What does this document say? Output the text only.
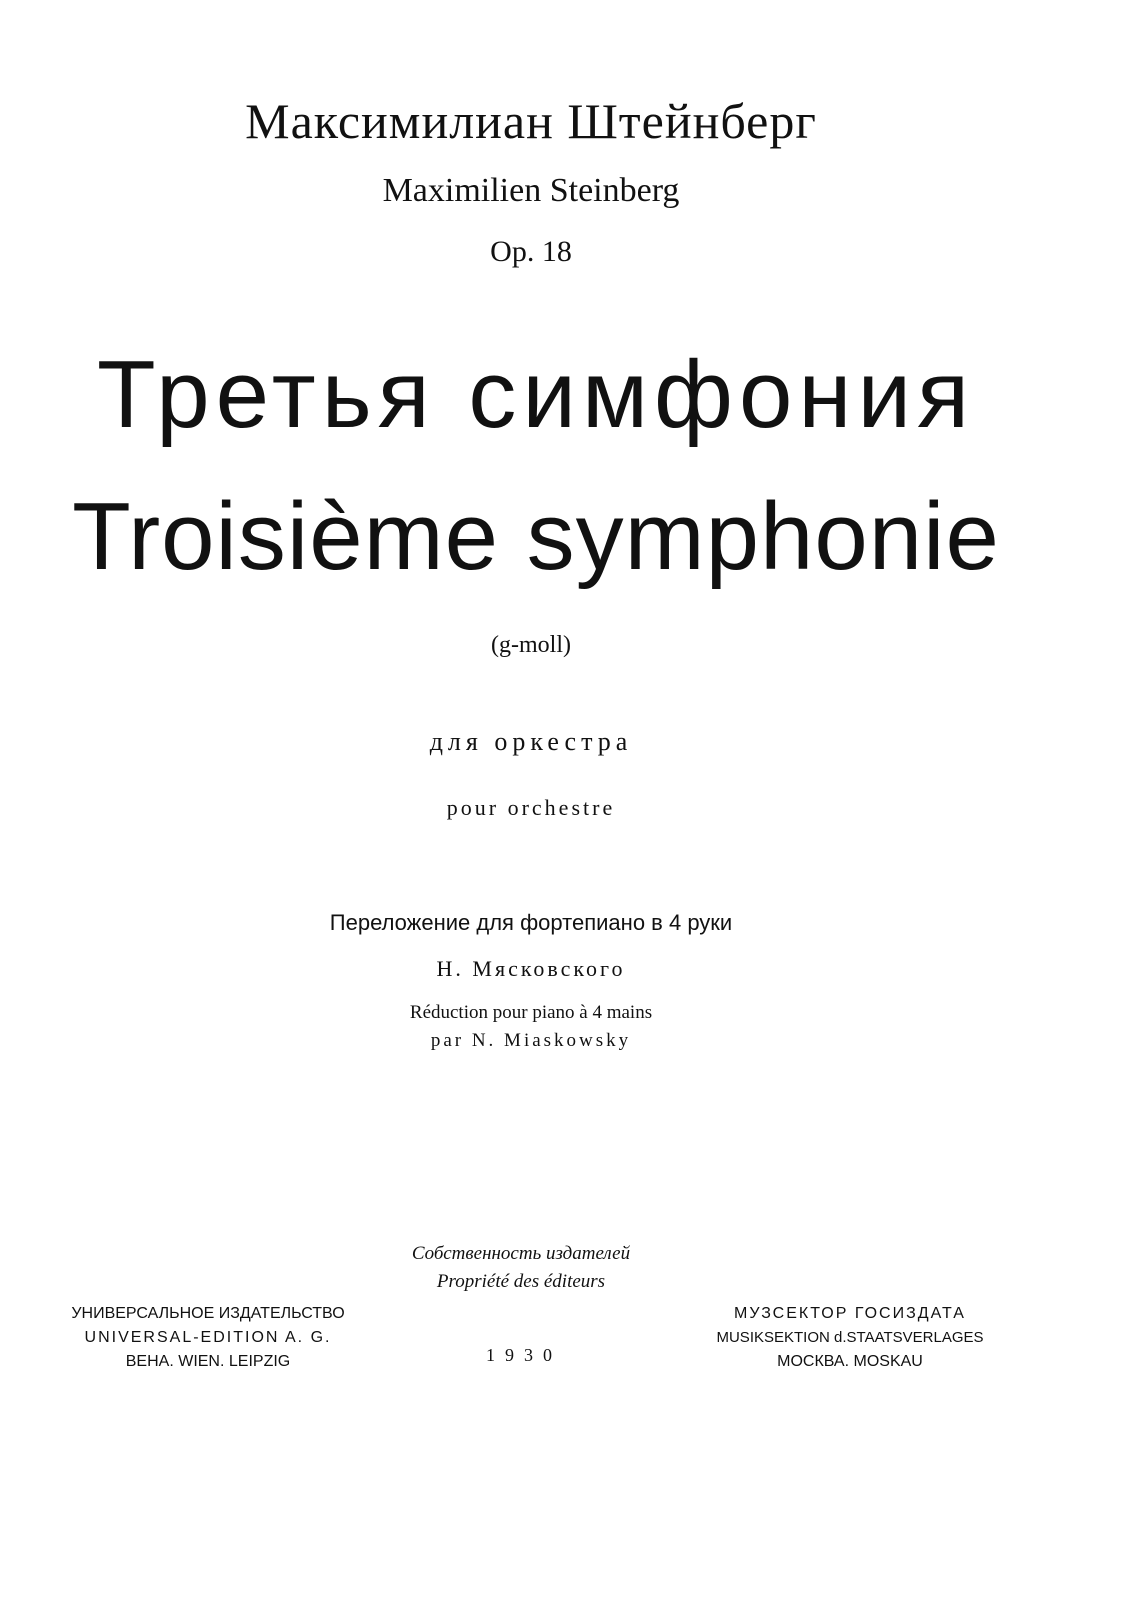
Максимилиан Штейнберг

Maximilien Steinberg

Op. 18

Третья симфония

Troisième symphonie

(g-moll)

для оркестра

pour orchestre

Переложение для фортепиано в 4 руки

Н. Мясковского

Réduction pour piano à 4 mains

par N. Miaskowsky

Собственность издателей

Propriété des éditeurs

УНИВЕРСАЛЬНОЕ ИЗДАТЕЛЬСТВО
UNIVERSAL-EDITION A. G.
ВЕНА. WIEN. LEIPZIG	1930

МУЗСЕКТОР ГОСИЗДАТА
MUSIKSEKTION d.STAATSVERLAGES
МОСКВА. MOSKAU
